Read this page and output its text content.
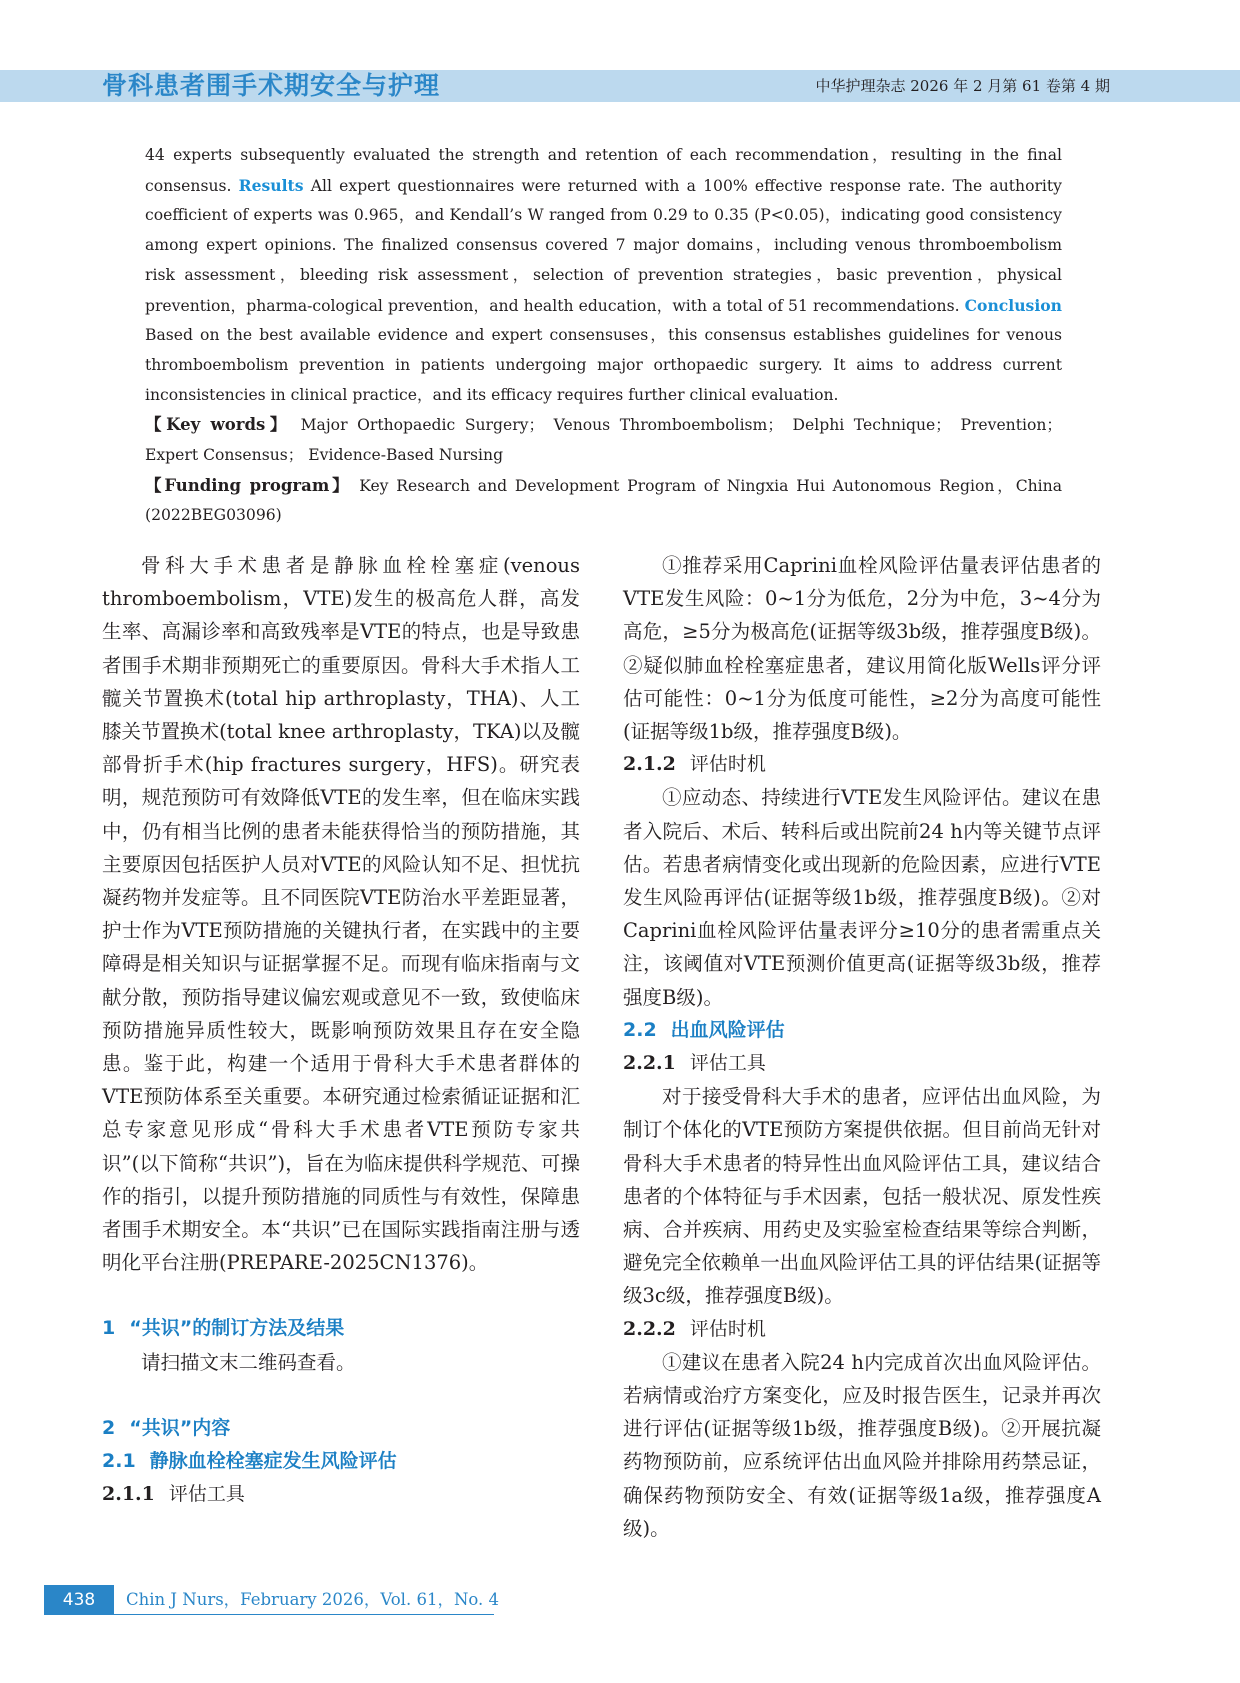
骨科患者围手术期安全与护理	中华护理杂志 2026 年 2 月第 61 卷第 4 期

44 experts subsequently evaluated the strength and retention of each recommendation，resulting in the final consensus. Results All expert questionnaires were returned with a 100% effective response rate. The authority coefficient of experts was 0.965，and Kendall’s W ranged from 0.29 to 0.35 (P<0.05)，indicating good consistency among expert opinions. The finalized consensus covered 7 major domains，including venous thromboembolism risk assessment，bleeding risk assessment，selection of prevention strategies，basic prevention，physical prevention，pharma-cological prevention，and health education，with a total of 51 recommendations. Conclusion Based on the best available evidence and expert consensuses，this consensus establishes guidelines for venous thromboembolism prevention in patients undergoing major orthopaedic surgery. It aims to address current inconsistencies in clinical practice，and its efficacy requires further clinical evaluation.

【Key words】 Major Orthopaedic Surgery； Venous Thromboembolism； Delphi Technique； Prevention； Expert Consensus； Evidence-Based Nursing

【Funding program】 Key Research and Development Program of Ningxia Hui Autonomous Region，China (2022BEG03096)

骨科大手术患者是静脉血栓栓塞症(venous thromboembolism，VTE)发生的极高危人群，高发生率、高漏诊率和高致残率是VTE的特点，也是导致患者围手术期非预期死亡的重要原因。骨科大手术指人工髋关节置换术(total hip arthroplasty，THA)、人工膝关节置换术(total knee arthroplasty，TKA)以及髋部骨折手术(hip fractures surgery，HFS)。研究表明，规范预防可有效降低VTE的发生率，但在临床实践中，仍有相当比例的患者未能获得恰当的预防措施，其主要原因包括医护人员对VTE的风险认知不足、担忧抗凝药物并发症等。且不同医院VTE防治水平差距显著，护士作为VTE预防措施的关键执行者，在实践中的主要障碍是相关知识与证据掌握不足。而现有临床指南与文献分散，预防指导建议偏宏观或意见不一致，致使临床预防措施异质性较大，既影响预防效果且存在安全隐患。鉴于此，构建一个适用于骨科大手术患者群体的VTE预防体系至关重要。本研究通过检索循证证据和汇总专家意见形成“骨科大手术患者VTE预防专家共识”(以下简称“共识”)，旨在为临床提供科学规范、可操作的指引，以提升预防措施的同质性与有效性，保障患者围手术期安全。本“共识”已在国际实践指南注册与透明化平台注册(PREPARE-2025CN1376)。

1 “共识”的制订方法及结果

请扫描文末二维码查看。

2 “共识”内容

2.1 静脉血栓栓塞症发生风险评估

2.1.1 评估工具

①推荐采用Caprini血栓风险评估量表评估患者的VTE发生风险：0~1分为低危，2分为中危，3~4分为高危，≥5分为极高危(证据等级3b级，推荐强度B级)。②疑似肺血栓栓塞症患者，建议用简化版Wells评分评估可能性：0~1分为低度可能性，≥2分为高度可能性(证据等级1b级，推荐强度B级)。

2.1.2 评估时机

①应动态、持续进行VTE发生风险评估。建议在患者入院后、术后、转科后或出院前24 h内等关键节点评估。若患者病情变化或出现新的危险因素，应进行VTE发生风险再评估(证据等级1b级，推荐强度B级)。②对Caprini血栓风险评估量表评分≥10分的患者需重点关注，该阈值对VTE预测价值更高(证据等级3b级，推荐强度B级)。

2.2 出血风险评估

2.2.1 评估工具

对于接受骨科大手术的患者，应评估出血风险，为制订个体化的VTE预防方案提供依据。但目前尚无针对骨科大手术患者的特异性出血风险评估工具，建议结合患者的个体特征与手术因素，包括一般状况、原发性疾病、合并疾病、用药史及实验室检查结果等综合判断，避免完全依赖单一出血风险评估工具的评估结果(证据等级3c级，推荐强度B级)。

2.2.2 评估时机

①建议在患者入院24 h内完成首次出血风险评估。若病情或治疗方案变化，应及时报告医生，记录并再次进行评估(证据等级1b级，推荐强度B级)。②开展抗凝药物预防前，应系统评估出血风险并排除用药禁忌证，确保药物预防安全、有效(证据等级1a级，推荐强度A级)。

438	Chin J Nurs，February 2026，Vol. 61，No. 4
